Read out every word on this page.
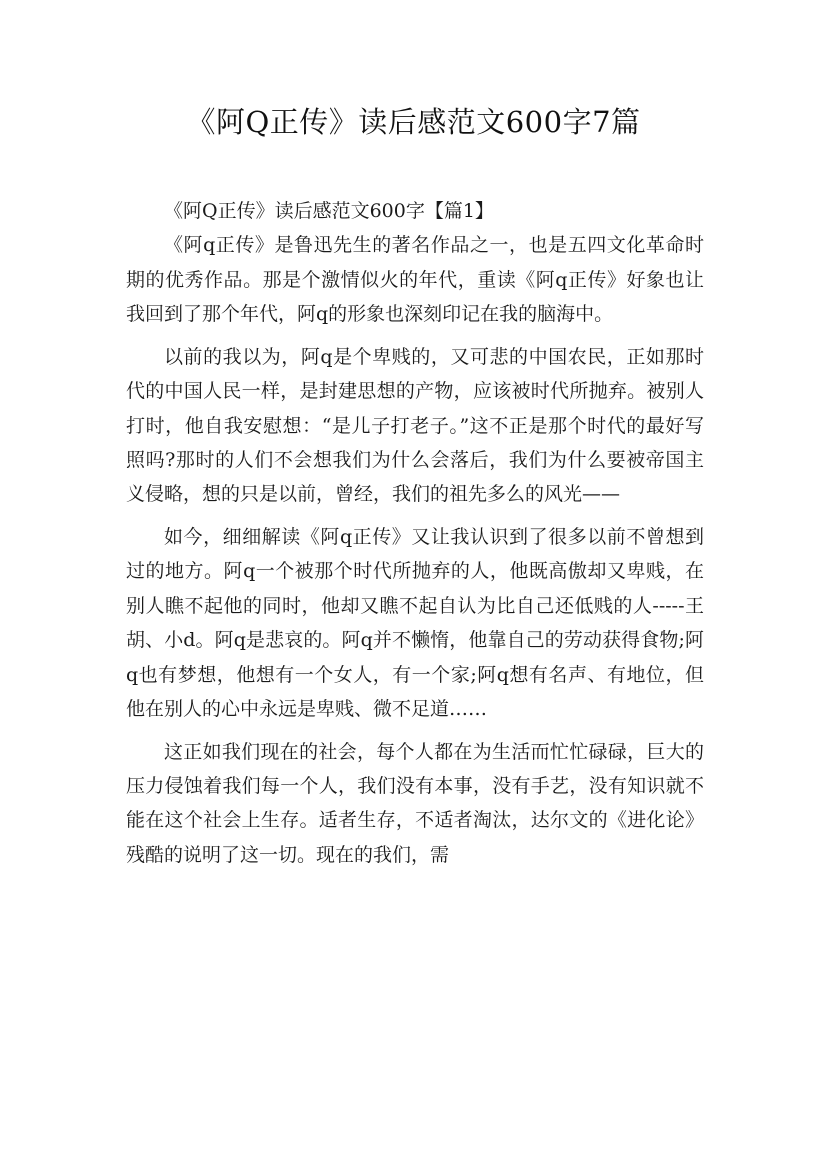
《阿Q正传》读后感范文600字7篇

《阿Q正传》读后感范文600字【篇1】

《阿q正传》是鲁迅先生的著名作品之一，也是五四文化革命时期的优秀作品。那是个激情似火的年代，重读《阿q正传》好象也让我回到了那个年代，阿q的形象也深刻印记在我的脑海中。

以前的我以为，阿q是个卑贱的，又可悲的中国农民，正如那时代的中国人民一样，是封建思想的产物，应该被时代所抛弃。被别人打时，他自我安慰想：“是儿子打老子。”这不正是那个时代的最好写照吗?那时的人们不会想我们为什么会落后，我们为什么要被帝国主义侵略，想的只是以前，曾经，我们的祖先多么的风光——

如今，细细解读《阿q正传》又让我认识到了很多以前不曾想到过的地方。阿q一个被那个时代所抛弃的人，他既高傲却又卑贱，在别人瞧不起他的同时，他却又瞧不起自认为比自己还低贱的人-----王胡、小d。阿q是悲哀的。阿q并不懒惰，他靠自己的劳动获得食物;阿q也有梦想，他想有一个女人，有一个家;阿q想有名声、有地位，但他在别人的心中永远是卑贱、微不足道……

这正如我们现在的社会，每个人都在为生活而忙忙碌碌，巨大的压力侵蚀着我们每一个人，我们没有本事，没有手艺，没有知识就不能在这个社会上生存。适者生存，不适者淘汰，达尔文的《进化论》残酷的说明了这一切。现在的我们，需
